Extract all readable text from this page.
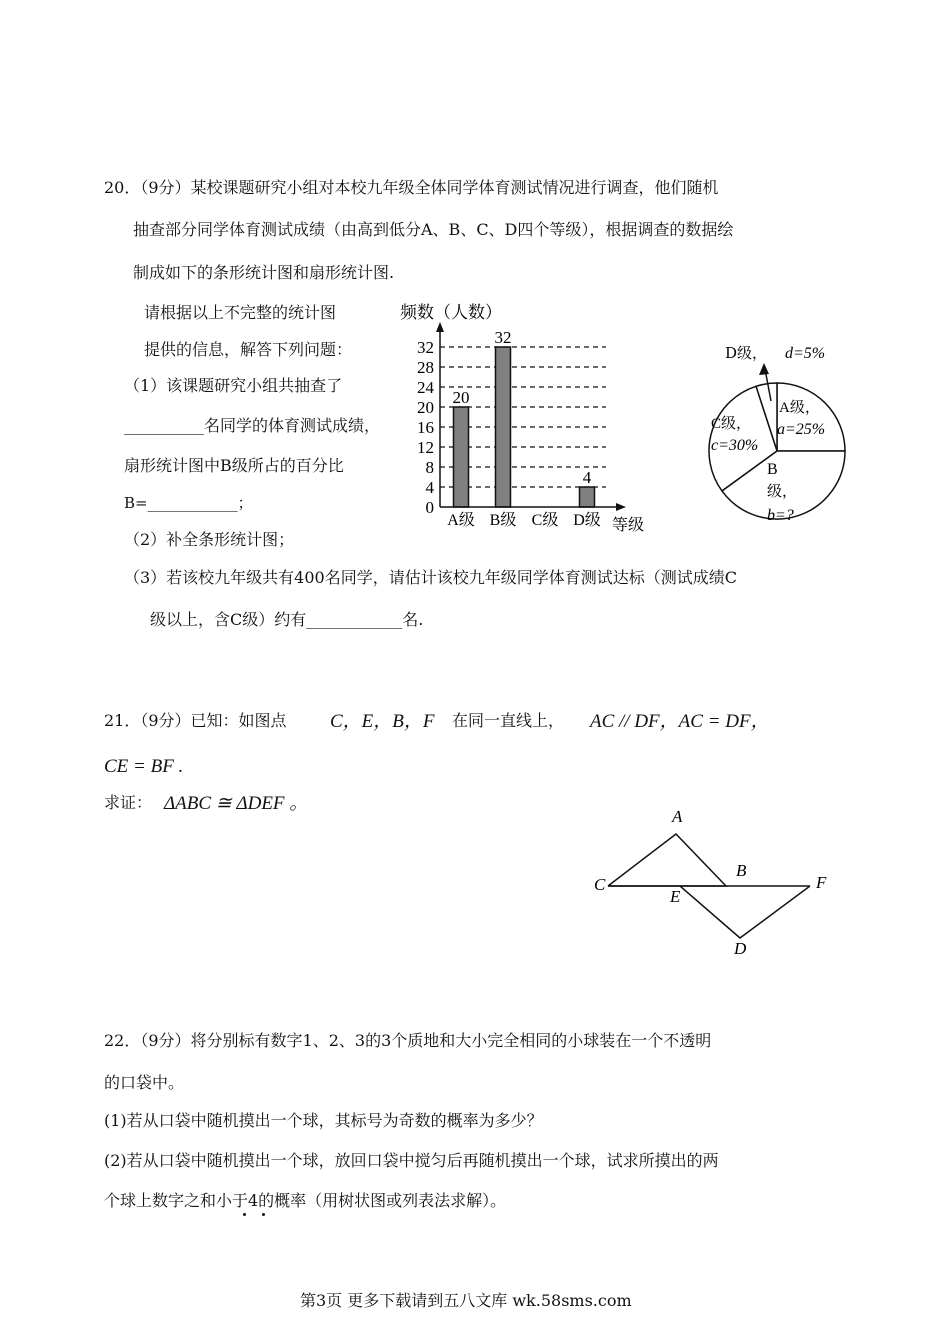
20．（9分）某校课题研究小组对本校九年级全体同学体育测试情况进行调查，他们随机
抽查部分同学体育测试成绩（由高到低分A、B、C、D四个等级），根据调查的数据绘
制成如下的条形统计图和扇形统计图.
请根据以上不完整的统计图
提供的信息，解答下列问题：
（1）该课题研究小组共抽查了
__________名同学的体育测试成绩，
扇形统计图中B级所占的百分比
B=____________；
（2）补全条形统计图；
（3）若该校九年级共有400名同学，请估计该校九年级同学体育测试达标（测试成绩C
级以上，含C级）约有____________名.
频数（人数）
等级
0
4
8
12
16
20
24
28
32
20
32
4
A级 B级 C级 D级
D级， d=5%
A级，
a=25%
C级，
c=30%
B
级，
b=?
21．（9分）已知：如图点 C，E，B，F 在同一直线上， AC // DF，AC = DF，
CE = BF .
求证： ΔABC ≅ ΔDEF 。
A
B
C
E
F
D
22．（9分）将分别标有数字1、2、3的3个质地和大小完全相同的小球装在一个不透明
的口袋中。
(1)若从口袋中随机摸出一个球，其标号为奇数的概率为多少？
(2)若从口袋中随机摸出一个球，放回口袋中搅匀后再随机摸出一个球，试求所摸出的两
个球上数字之和小于4的概率（用树状图或列表法求解）。
第3页 更多下载请到五八文库 wk.58sms.com
